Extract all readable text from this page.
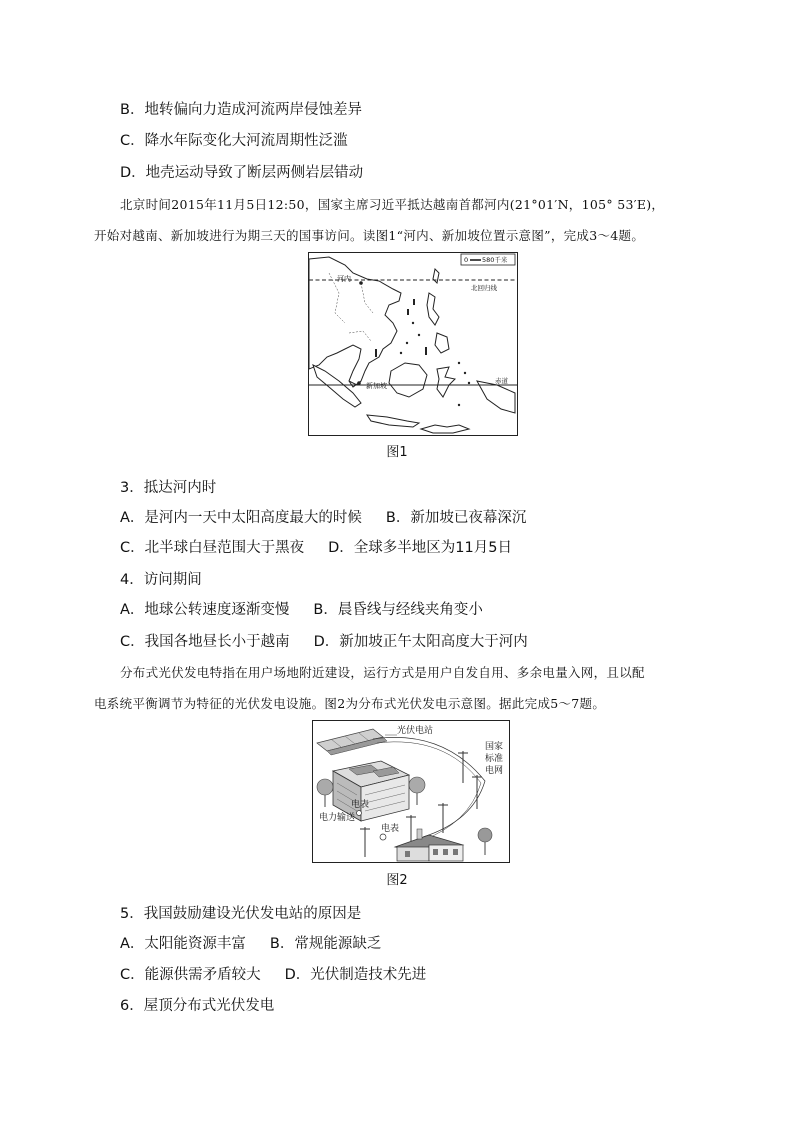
B．地转偏向力造成河流两岸侵蚀差异
C．降水年际变化大河流周期性泛滥
D．地壳运动导致了断层两侧岩层错动
北京时间2015年11月5日12:50，国家主席习近平抵达越南首都河内(21°01′N，105° 53′E)，
开始对越南、新加坡进行为期三天的国事访问。读图1“河内、新加坡位置示意图”，完成3～4题。
0 580千米
北回归线
河内
赤道
新加坡
图1
3．抵达河内时
A．是河内一天中太阳高度最大的时候 B．新加坡已夜幕深沉
C．北半球白昼范围大于黑夜 D．全球多半地区为11月5日
4．访问期间
A．地球公转速度逐渐变慢 B．晨昏线与经线夹角变小
C．我国各地昼长小于越南 D．新加坡正午太阳高度大于河内
分布式光伏发电特指在用户场地附近建设，运行方式是用户自发自用、多余电量入网，且以配
电系统平衡调节为特征的光伏发电设施。图2为分布式光伏发电示意图。据此完成5～7题。
光伏电站
国家
标准
电网
电表
电力输送
电表
图2
5．我国鼓励建设光伏发电站的原因是
A．太阳能资源丰富 B．常规能源缺乏
C．能源供需矛盾较大 D．光伏制造技术先进
6．屋顶分布式光伏发电
